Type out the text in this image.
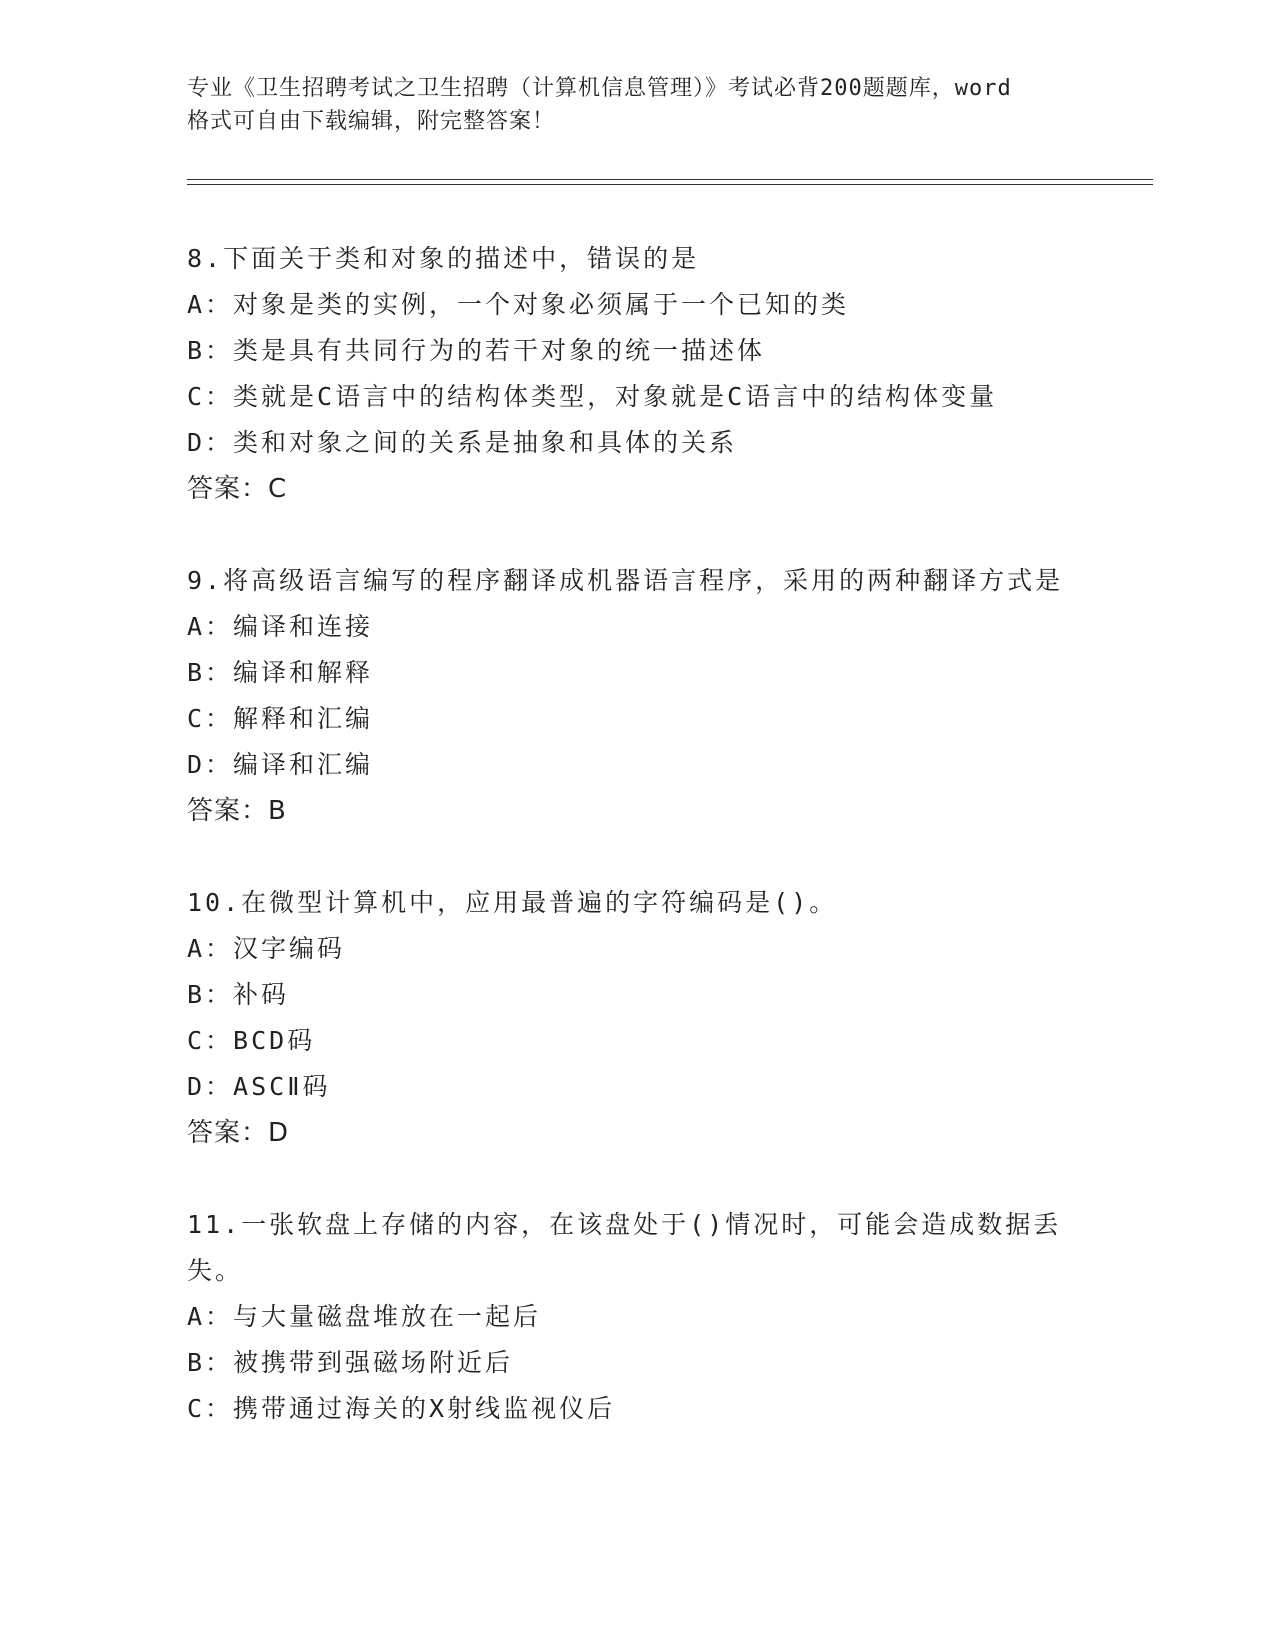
专业《卫生招聘考试之卫生招聘（计算机信息管理）》考试必背200题题库，word
格式可自由下载编辑，附完整答案！
8.下面关于类和对象的描述中，错误的是
A：对象是类的实例，一个对象必须属于一个已知的类
B：类是具有共同行为的若干对象的统一描述体
C：类就是C语言中的结构体类型，对象就是C语言中的结构体变量
D：类和对象之间的关系是抽象和具体的关系
答案：C
9.将高级语言编写的程序翻译成机器语言程序，采用的两种翻译方式是
A：编译和连接
B：编译和解释
C：解释和汇编
D：编译和汇编
答案：B
10.在微型计算机中，应用最普遍的字符编码是()。
A：汉字编码
B：补码
C：BCD码
D：ASCⅡ码
答案：D
11.一张软盘上存储的内容，在该盘处于()情况时，可能会造成数据丢失。
A：与大量磁盘堆放在一起后
B：被携带到强磁场附近后
C：携带通过海关的X射线监视仪后
